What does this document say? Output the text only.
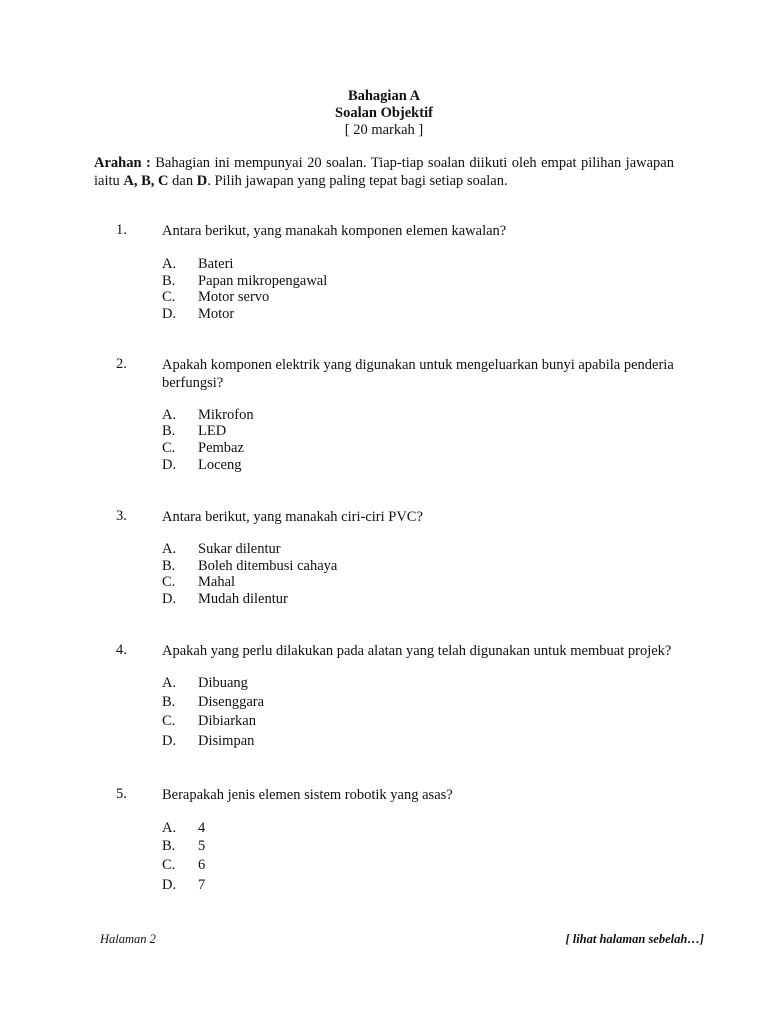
Bahagian A
Soalan Objektif
[ 20 markah ]
Arahan : Bahagian ini mempunyai 20 soalan. Tiap-tiap soalan diikuti oleh empat pilihan jawapan iaitu A, B, C dan D. Pilih jawapan yang paling tepat bagi setiap soalan.
1. Antara berikut, yang manakah komponen elemen kawalan?
A. Bateri
B. Papan mikropengawal
C. Motor servo
D. Motor
2. Apakah komponen elektrik yang digunakan untuk mengeluarkan bunyi apabila penderia berfungsi?
A. Mikrofon
B. LED
C. Pembaz
D. Loceng
3. Antara berikut, yang manakah ciri-ciri PVC?
A. Sukar dilentur
B. Boleh ditembusi cahaya
C. Mahal
D. Mudah dilentur
4. Apakah yang perlu dilakukan pada alatan yang telah digunakan untuk membuat projek?
A. Dibuang
B. Disenggara
C. Dibiarkan
D. Disimpan
5. Berapakah jenis elemen sistem robotik yang asas?
A. 4
B. 5
C. 6
D. 7
Halaman 2	[ lihat halaman sebelah…]
